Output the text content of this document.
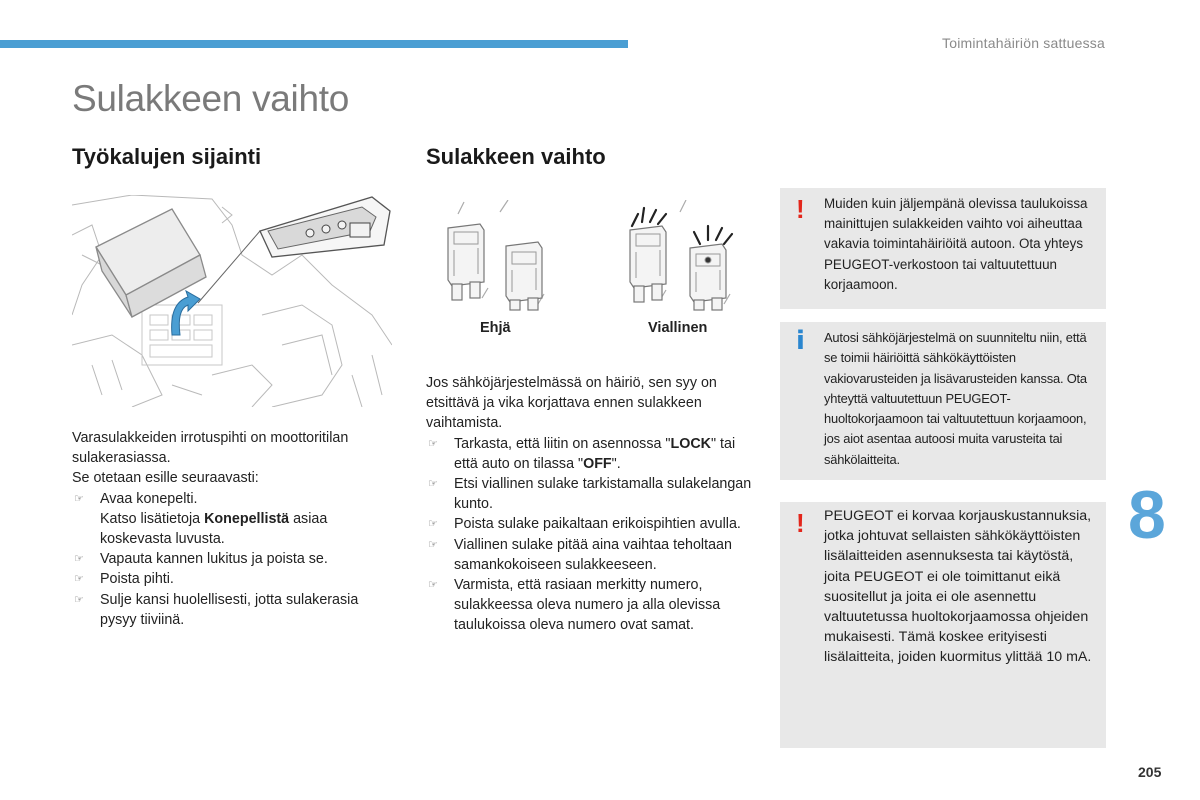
Toimintahäiriön sattuessa
Sulakkeen vaihto
Työkalujen sijainti

Varasulakkeiden irrotuspihti on moottoritilan sulakerasiassa.

Se otetaan esille seuraavasti:

☞ Avaa konepelti.
Katso lisätietoja Konepellistä asiaa koskevasta luvusta.
☞ Vapauta kannen lukitus ja poista se.
☞ Poista pihti.
☞ Sulje kansi huolellisesti, jotta sulakerasia pysyy tiiviinä.
Sulakkeen vaihto
Ehjä	Viallinen

Jos sähköjärjestelmässä on häiriö, sen syy on etsittävä ja vika korjattava ennen sulakkeen vaihtamista.

☞ Tarkasta, että liitin on asennossa "LOCK" tai että auto on tilassa "OFF".
☞ Etsi viallinen sulake tarkistamalla sulakelangan kunto.
☞ Poista sulake paikaltaan erikoispihtien avulla.
☞ Viallinen sulake pitää aina vaihtaa teholtaan samankokoiseen sulakkeeseen.
☞ Varmista, että rasiaan merkitty numero, sulakkeessa oleva numero ja alla olevissa taulukoissa oleva numero ovat samat.
! Muiden kuin jäljempänä olevissa taulukoissa mainittujen sulakkeiden vaihto voi aiheuttaa vakavia toimintahäiriöitä autoon. Ota yhteys PEUGEOT-verkostoon tai valtuutettuun korjaamoon.
i Autosi sähköjärjestelmä on suunniteltu niin, että se toimii häiriöittä sähkökäyttöisten vakiovarusteiden ja lisävarusteiden kanssa. Ota yhteyttä valtuutettuun PEUGEOT-huoltokorjaamoon tai valtuutettuun korjaamoon, jos aiot asentaa autoosi muita varusteita tai sähkölaitteita.
! PEUGEOT ei korvaa korjauskustannuksia, jotka johtuvat sellaisten sähkökäyttöisten lisälaitteiden asennuksesta tai käytöstä, joita PEUGEOT ei ole toimittanut eikä suositellut ja joita ei ole asennettu valtuutetussa huoltokorjaamossa ohjeiden mukaisesti. Tämä koskee erityisesti lisälaitteita, joiden kuormitus ylittää 10 mA.
8
205
